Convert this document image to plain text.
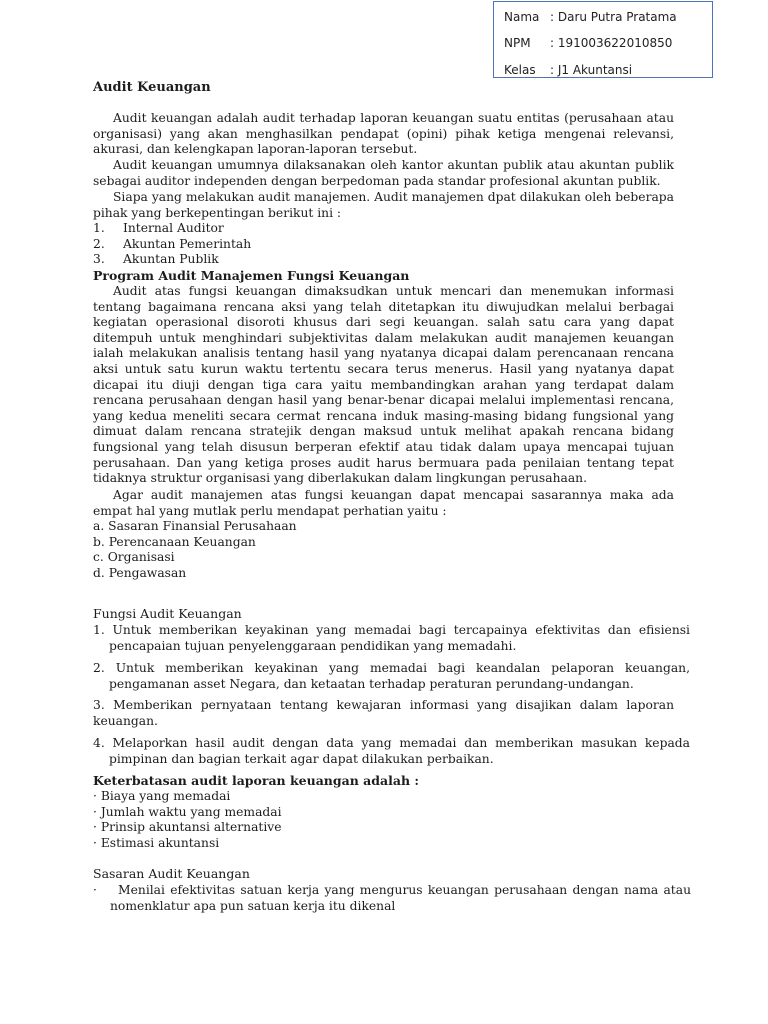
Nama : Daru Putra Pratama
NPM : 191003622010850
Kelas : J1 Akuntansi
Audit Keuangan

Audit keuangan adalah audit terhadap laporan keuangan suatu entitas (perusahaan atau organisasi) yang akan menghasilkan pendapat (opini) pihak ketiga mengenai relevansi, akurasi, dan kelengkapan laporan-laporan tersebut.

Audit keuangan umumnya dilaksanakan oleh kantor akuntan publik atau akuntan publik sebagai auditor independen dengan berpedoman pada standar profesional akuntan publik.

Siapa yang melakukan audit manajemen. Audit manajemen dpat dilakukan oleh beberapa pihak yang berkepentingan berikut ini :

1. Internal Auditor
2. Akuntan Pemerintah
3. Akuntan Publik
Program Audit Manajemen Fungsi Keuangan

Audit atas fungsi keuangan dimaksudkan untuk mencari dan menemukan informasi tentang bagaimana rencana aksi yang telah ditetapkan itu diwujudkan melalui berbagai kegiatan operasional disoroti khusus dari segi keuangan. salah satu cara yang dapat ditempuh untuk menghindari subjektivitas dalam melakukan audit manajemen keuangan ialah melakukan analisis tentang hasil yang nyatanya dicapai dalam perencanaan rencana aksi untuk satu kurun waktu tertentu secara terus menerus. Hasil yang nyatanya dapat dicapai itu diuji dengan tiga cara yaitu membandingkan arahan yang terdapat dalam rencana perusahaan dengan hasil yang benar-benar dicapai melalui implementasi rencana, yang kedua meneliti secara cermat rencana induk masing-masing bidang fungsional yang dimuat dalam rencana stratejik dengan maksud untuk melihat apakah rencana bidang fungsional yang telah disusun berperan efektif atau tidak dalam upaya mencapai tujuan perusahaan. Dan yang ketiga proses audit harus bermuara pada penilaian tentang tepat tidaknya struktur organisasi yang diberlakukan dalam lingkungan perusahaan.

Agar audit manajemen atas fungsi keuangan dapat mencapai sasarannya maka ada empat hal yang mutlak perlu mendapat perhatian yaitu :

a. Sasaran Finansial Perusahaan
b. Perencanaan Keuangan
c. Organisasi
d. Pengawasan
Fungsi Audit Keuangan
1. Untuk memberikan keyakinan yang memadai bagi tercapainya efektivitas dan efisiensi pencapaian tujuan penyelenggaraan pendidikan yang memadahi.
2. Untuk memberikan keyakinan yang memadai bagi keandalan pelaporan keuangan, pengamanan asset Negara, dan ketaatan terhadap peraturan perundang-undangan.
3. Memberikan pernyataan tentang kewajaran informasi yang disajikan dalam laporan keuangan.
4. Melaporkan hasil audit dengan data yang memadai dan memberikan masukan kepada pimpinan dan bagian terkait agar dapat dilakukan perbaikan.
Keterbatasan audit laporan keuangan adalah :
· Biaya yang memadai
· Jumlah waktu yang memadai
· Prinsip akuntansi alternative
· Estimasi akuntansi
Sasaran Audit Keuangan
· Menilai efektivitas satuan kerja yang mengurus keuangan perusahaan dengan nama atau nomenklatur apa pun satuan kerja itu dikenal
